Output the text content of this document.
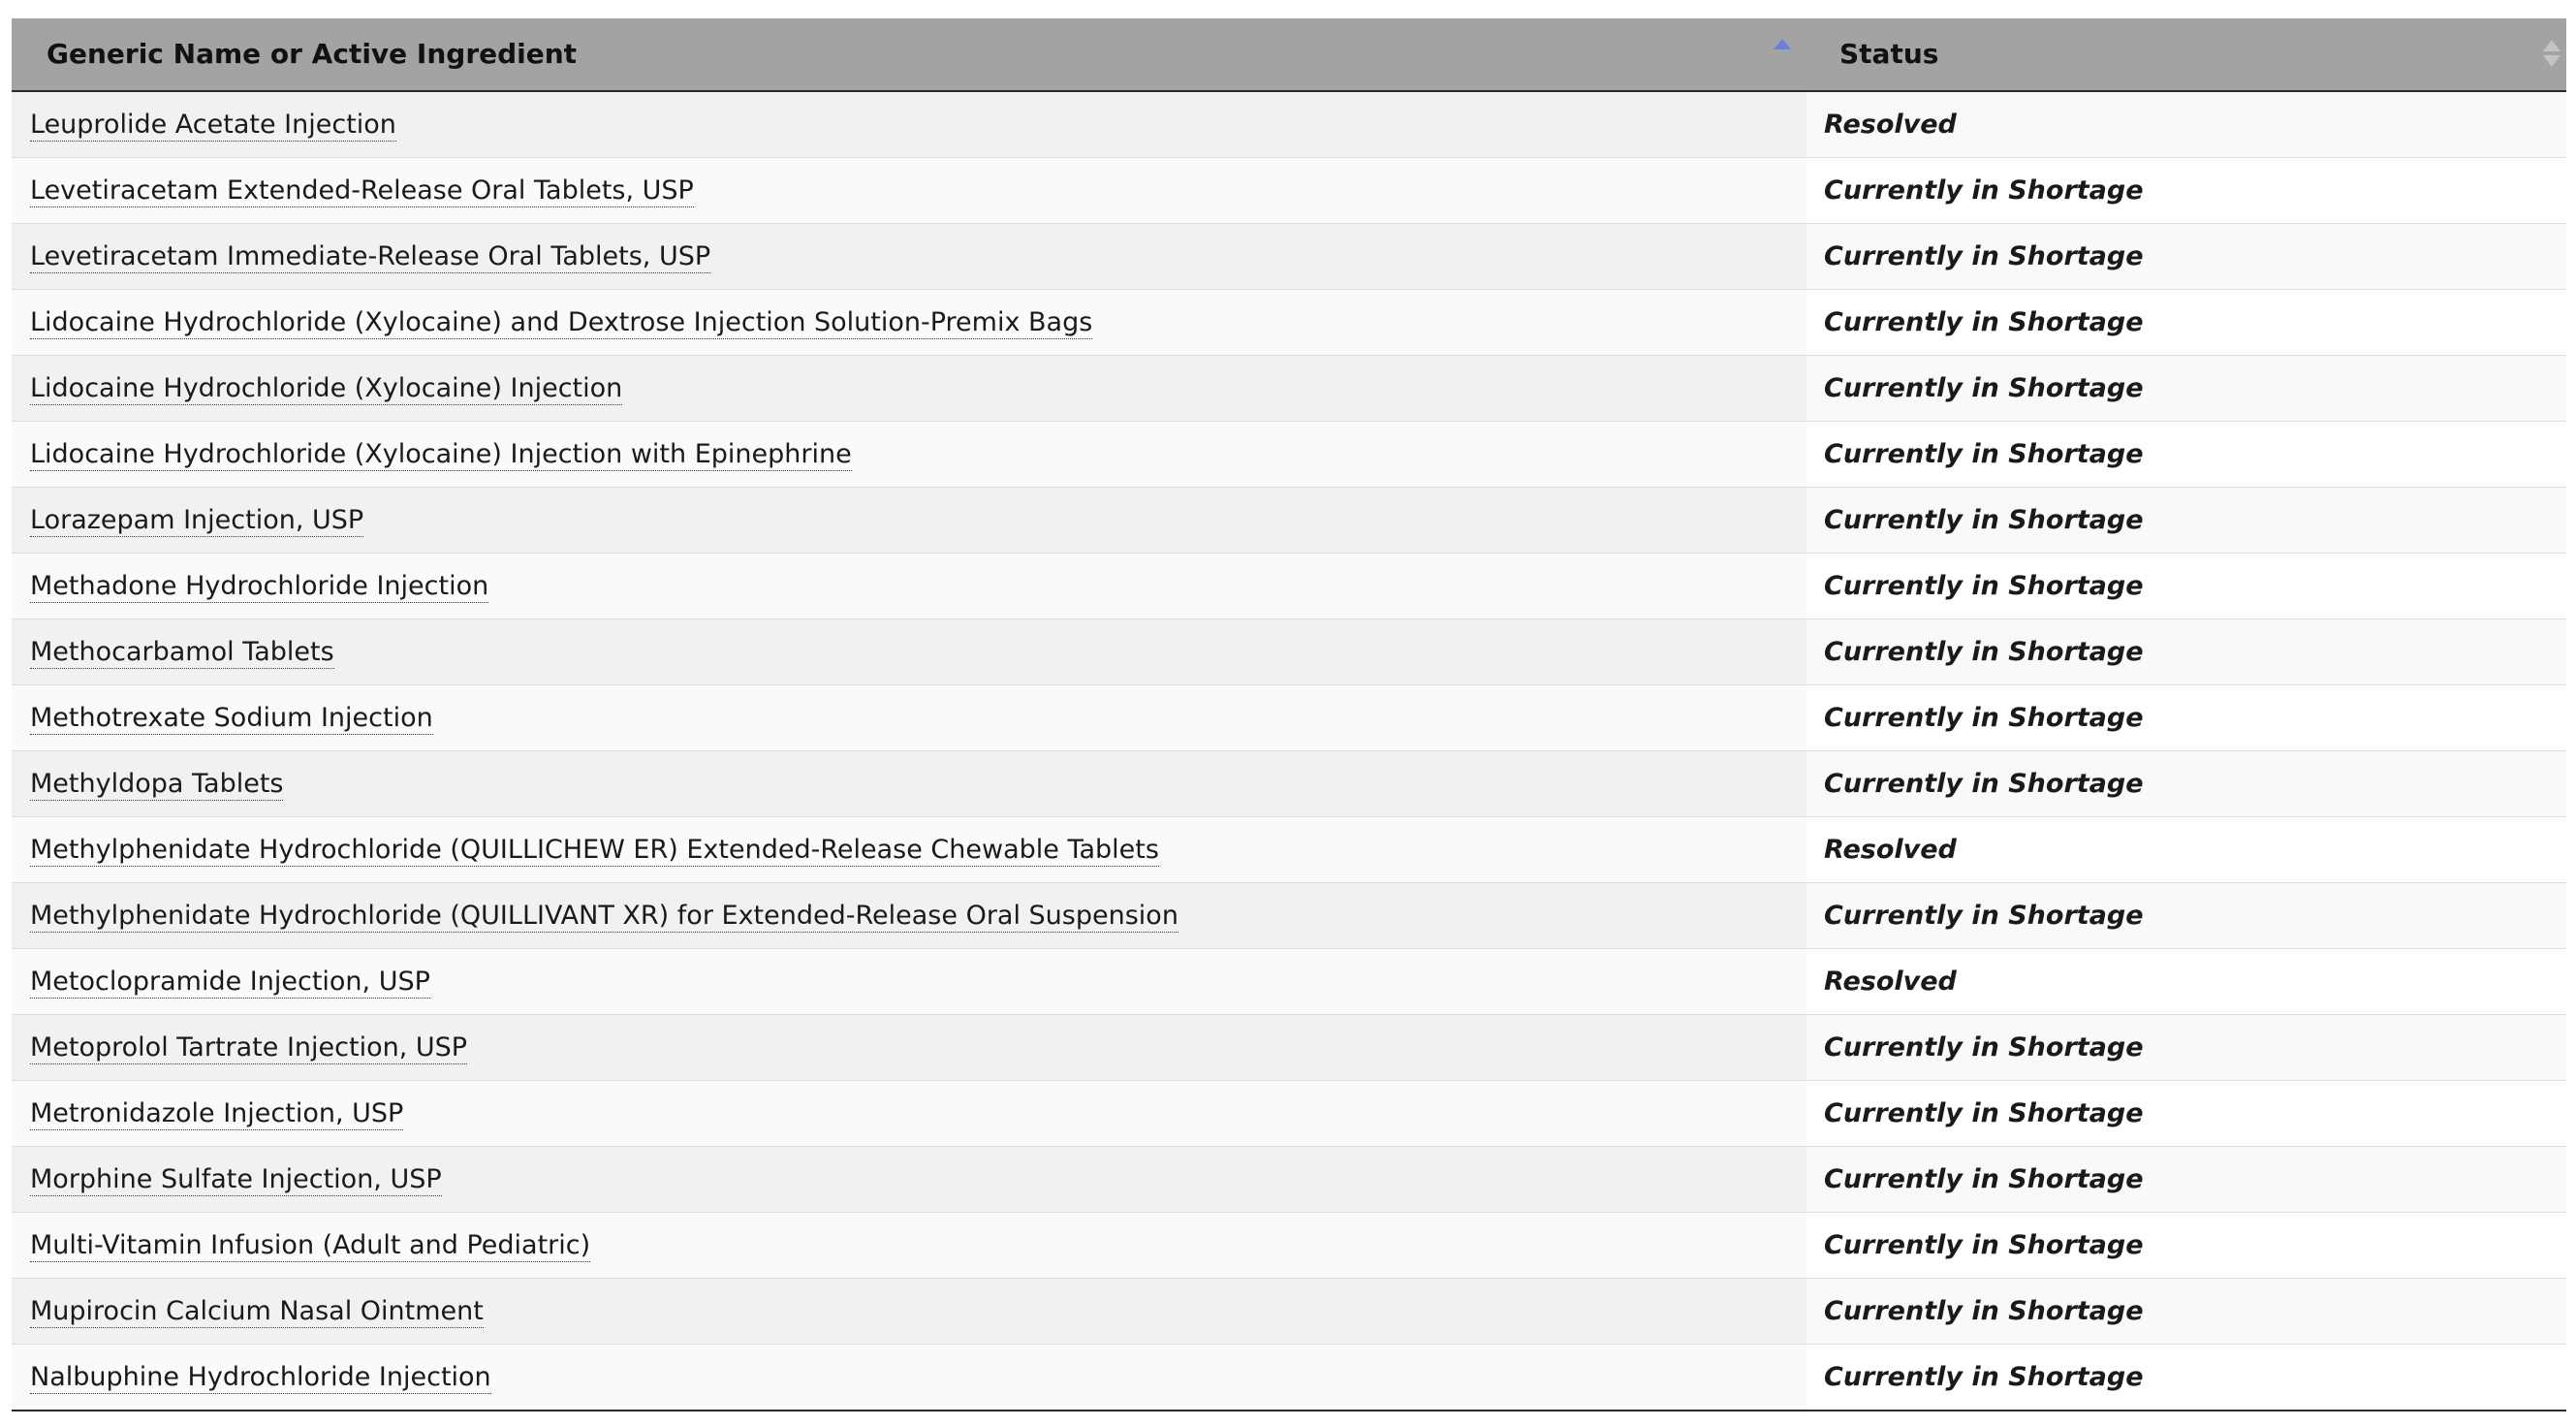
Generic Name or Active Ingredient	Status

Leuprolide Acetate Injection	Resolved
Levetiracetam Extended-Release Oral Tablets, USP	Currently in Shortage
Levetiracetam Immediate-Release Oral Tablets, USP	Currently in Shortage
Lidocaine Hydrochloride (Xylocaine) and Dextrose Injection Solution-Premix Bags	Currently in Shortage
Lidocaine Hydrochloride (Xylocaine) Injection	Currently in Shortage
Lidocaine Hydrochloride (Xylocaine) Injection with Epinephrine	Currently in Shortage
Lorazepam Injection, USP	Currently in Shortage
Methadone Hydrochloride Injection	Currently in Shortage
Methocarbamol Tablets	Currently in Shortage
Methotrexate Sodium Injection	Currently in Shortage
Methyldopa Tablets	Currently in Shortage
Methylphenidate Hydrochloride (QUILLICHEW ER) Extended-Release Chewable Tablets	Resolved
Methylphenidate Hydrochloride (QUILLIVANT XR) for Extended-Release Oral Suspension	Currently in Shortage
Metoclopramide Injection, USP	Resolved
Metoprolol Tartrate Injection, USP	Currently in Shortage
Metronidazole Injection, USP	Currently in Shortage
Morphine Sulfate Injection, USP	Currently in Shortage
Multi-Vitamin Infusion (Adult and Pediatric)	Currently in Shortage
Mupirocin Calcium Nasal Ointment	Currently in Shortage
Nalbuphine Hydrochloride Injection	Currently in Shortage
